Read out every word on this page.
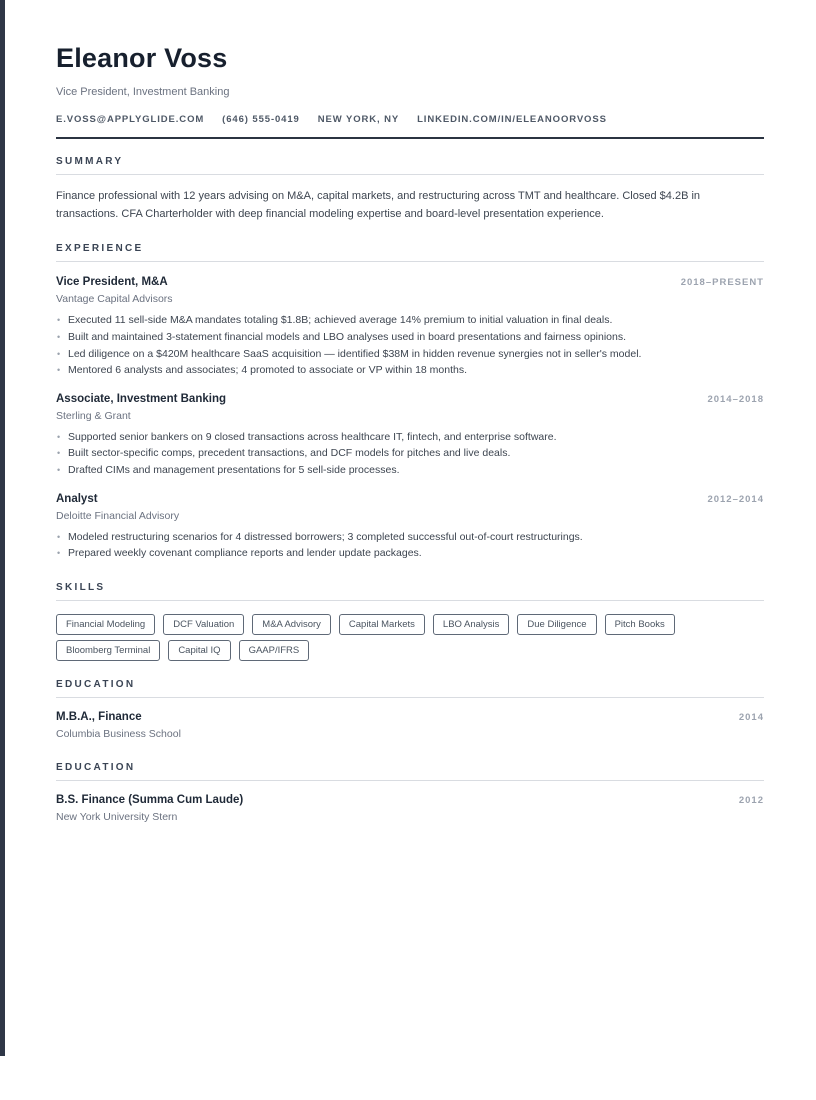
Eleanor Voss
Vice President, Investment Banking
E.VOSS@APPLYGLIDE.COM (646) 555-0419 NEW YORK, NY LINKEDIN.COM/IN/ELEANOORVOSS
SUMMARY
Finance professional with 12 years advising on M&A, capital markets, and restructuring across TMT and healthcare. Closed $4.2B in transactions. CFA Charterholder with deep financial modeling expertise and board-level presentation experience.
EXPERIENCE
Vice President, M&A	2018–PRESENT
Vantage Capital Advisors
• Executed 11 sell-side M&A mandates totaling $1.8B; achieved average 14% premium to initial valuation in final deals.
• Built and maintained 3-statement financial models and LBO analyses used in board presentations and fairness opinions.
• Led diligence on a $420M healthcare SaaS acquisition — identified $38M in hidden revenue synergies not in seller's model.
• Mentored 6 analysts and associates; 4 promoted to associate or VP within 18 months.
Associate, Investment Banking	2014–2018
Sterling & Grant
• Supported senior bankers on 9 closed transactions across healthcare IT, fintech, and enterprise software.
• Built sector-specific comps, precedent transactions, and DCF models for pitches and live deals.
• Drafted CIMs and management presentations for 5 sell-side processes.
Analyst	2012–2014
Deloitte Financial Advisory
• Modeled restructuring scenarios for 4 distressed borrowers; 3 completed successful out-of-court restructurings.
• Prepared weekly covenant compliance reports and lender update packages.
SKILLS
Financial Modeling	DCF Valuation	M&A Advisory	Capital Markets	LBO Analysis	Due Diligence	Pitch Books
Bloomberg Terminal	Capital IQ	GAAP/IFRS
EDUCATION
M.B.A., Finance	2014
Columbia Business School
EDUCATION
B.S. Finance (Summa Cum Laude)	2012
New York University Stern
